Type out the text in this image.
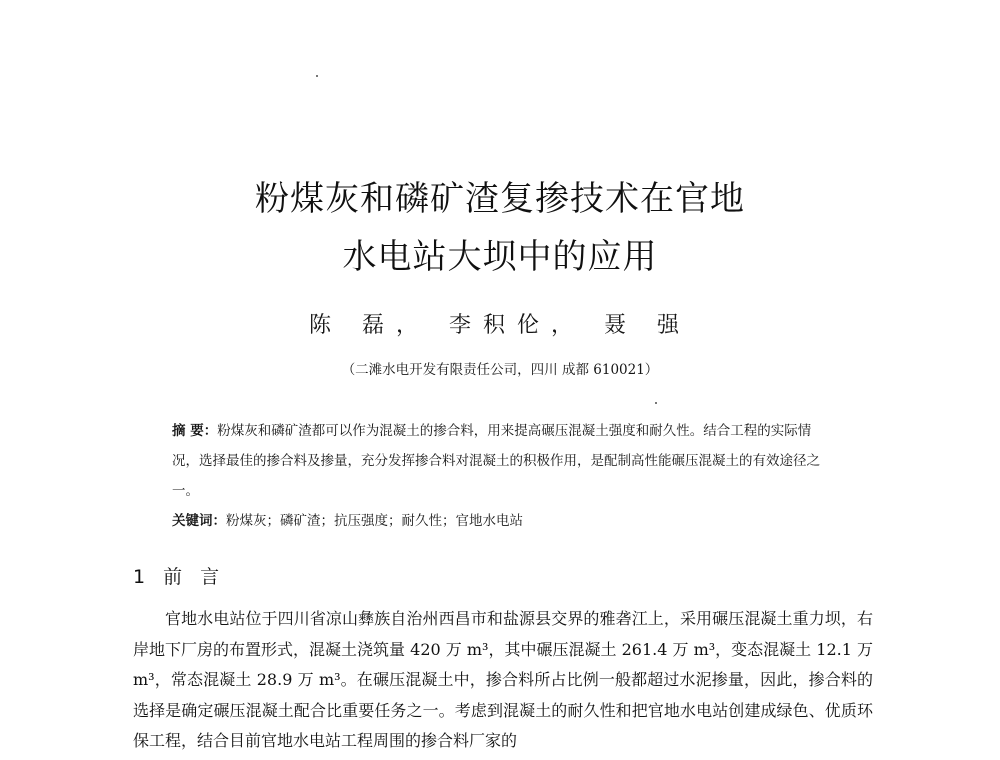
粉煤灰和磷矿渣复掺技术在官地
水电站大坝中的应用
陈 磊， 李积伦， 聂 强
（二滩水电开发有限责任公司，四川 成都 610021）
摘 要：粉煤灰和磷矿渣都可以作为混凝土的掺合料，用来提高碾压混凝土强度和耐久性。结合工程的实际情况，选择最佳的掺合料及掺量，充分发挥掺合料对混凝土的积极作用，是配制高性能碾压混凝土的有效途径之一。
关键词：粉煤灰；磷矿渣；抗压强度；耐久性；官地水电站
1 前 言
官地水电站位于四川省凉山彝族自治州西昌市和盐源县交界的雅砻江上，采用碾压混凝土重力坝，右岸地下厂房的布置形式，混凝土浇筑量 420 万 m³，其中碾压混凝土 261.4 万 m³，变态混凝土 12.1 万 m³，常态混凝土 28.9 万 m³。在碾压混凝土中，掺合料所占比例一般都超过水泥掺量，因此，掺合料的选择是确定碾压混凝土配合比重要任务之一。考虑到混凝土的耐久性和把官地水电站创建成绿色、优质环保工程，结合目前官地水电站工程周围的掺合料厂家的
